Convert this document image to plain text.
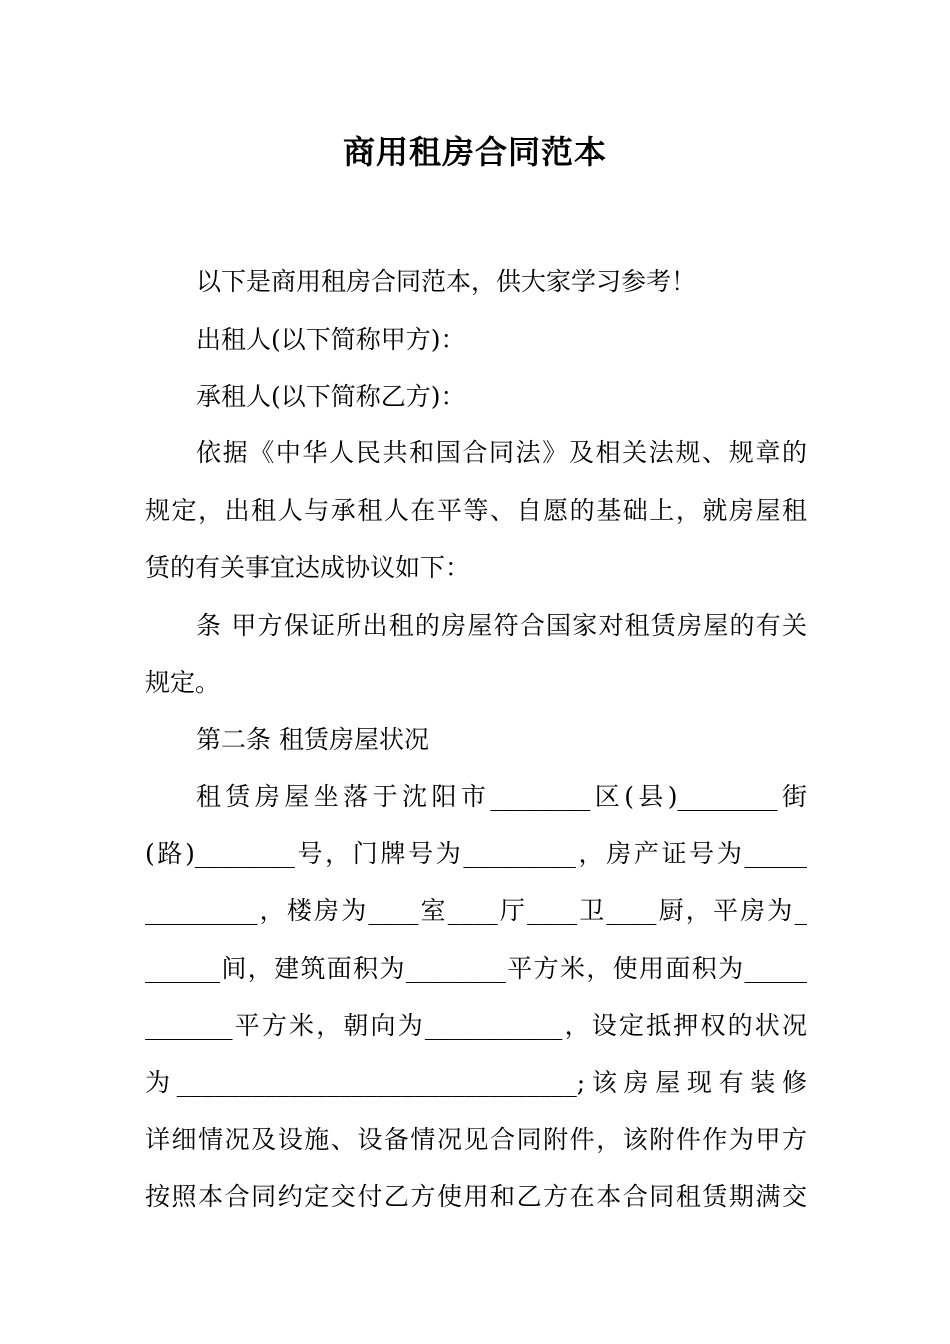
商用租房合同范本
以下是商用租房合同范本，供大家学习参考！
出租人(以下简称甲方)：
承租人(以下简称乙方)：
依据《中华人民共和国合同法》及相关法规、规章的
规定，出租人与承租人在平等、自愿的基础上，就房屋租
赁的有关事宜达成协议如下：
条 甲方保证所出租的房屋符合国家对租赁房屋的有关
规定。
第二条 租赁房屋状况
租赁房屋坐落于沈阳市________区(县)________街
(路)________号，门牌号为_________，房产证号为_____
_________，楼房为____室____厅____卫____厨，平房为_
______间，建筑面积为________平方米，使用面积为_____
_______平方米，朝向为___________，设定抵押权的状况
为________________________________;该房屋现有装修
详细情况及设施、设备情况见合同附件，该附件作为甲方
按照本合同约定交付乙方使用和乙方在本合同租赁期满交
